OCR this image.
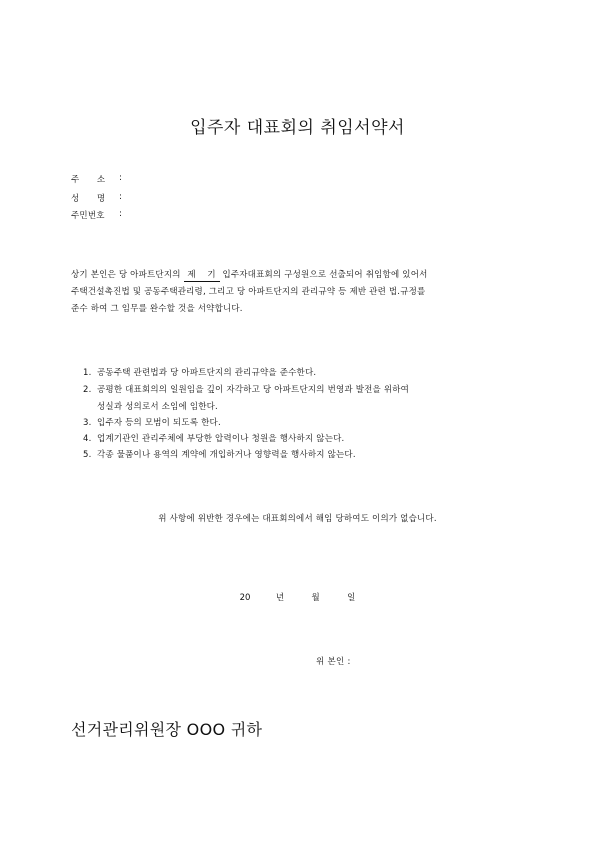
입주자 대표회의 취임서약서
주      소 :
성      명 :
주민번호 :
상기 본인은 당 아파트단지의 제    기 입주자대표회의 구성원으로 선출되어 취임함에 있어서
주택건설촉진법 및 공동주택관리령, 그리고 당 아파트단지의 관리규약 등 제반 관련 법.규정를
준수 하여 그 임무를 완수할 것을 서약합니다.
1. 공동주택 관련법과 당 아파트단지의 관리규약을 준수한다.
2. 공평한 대표회의의 일원임을 깊이 자각하고 당 아파트단지의 번영과 발전을 위하여
성실과 성의로서 소임에 임한다.
3. 입주자 등의 모범이 되도록 한다.
4. 업계기관인 관리주체에 부당한 압력이나 청원을 행사하지 않는다.
5. 각종 물품이나 용역의 계약에 개입하거나 영향력을 행사하지 않는다.
위 사항에 위반한 경우에는 대표회의에서 해임 당하여도 이의가 없습니다.
20	년	월	일
위 본인 :
선거관리위원장 OOO 귀하
